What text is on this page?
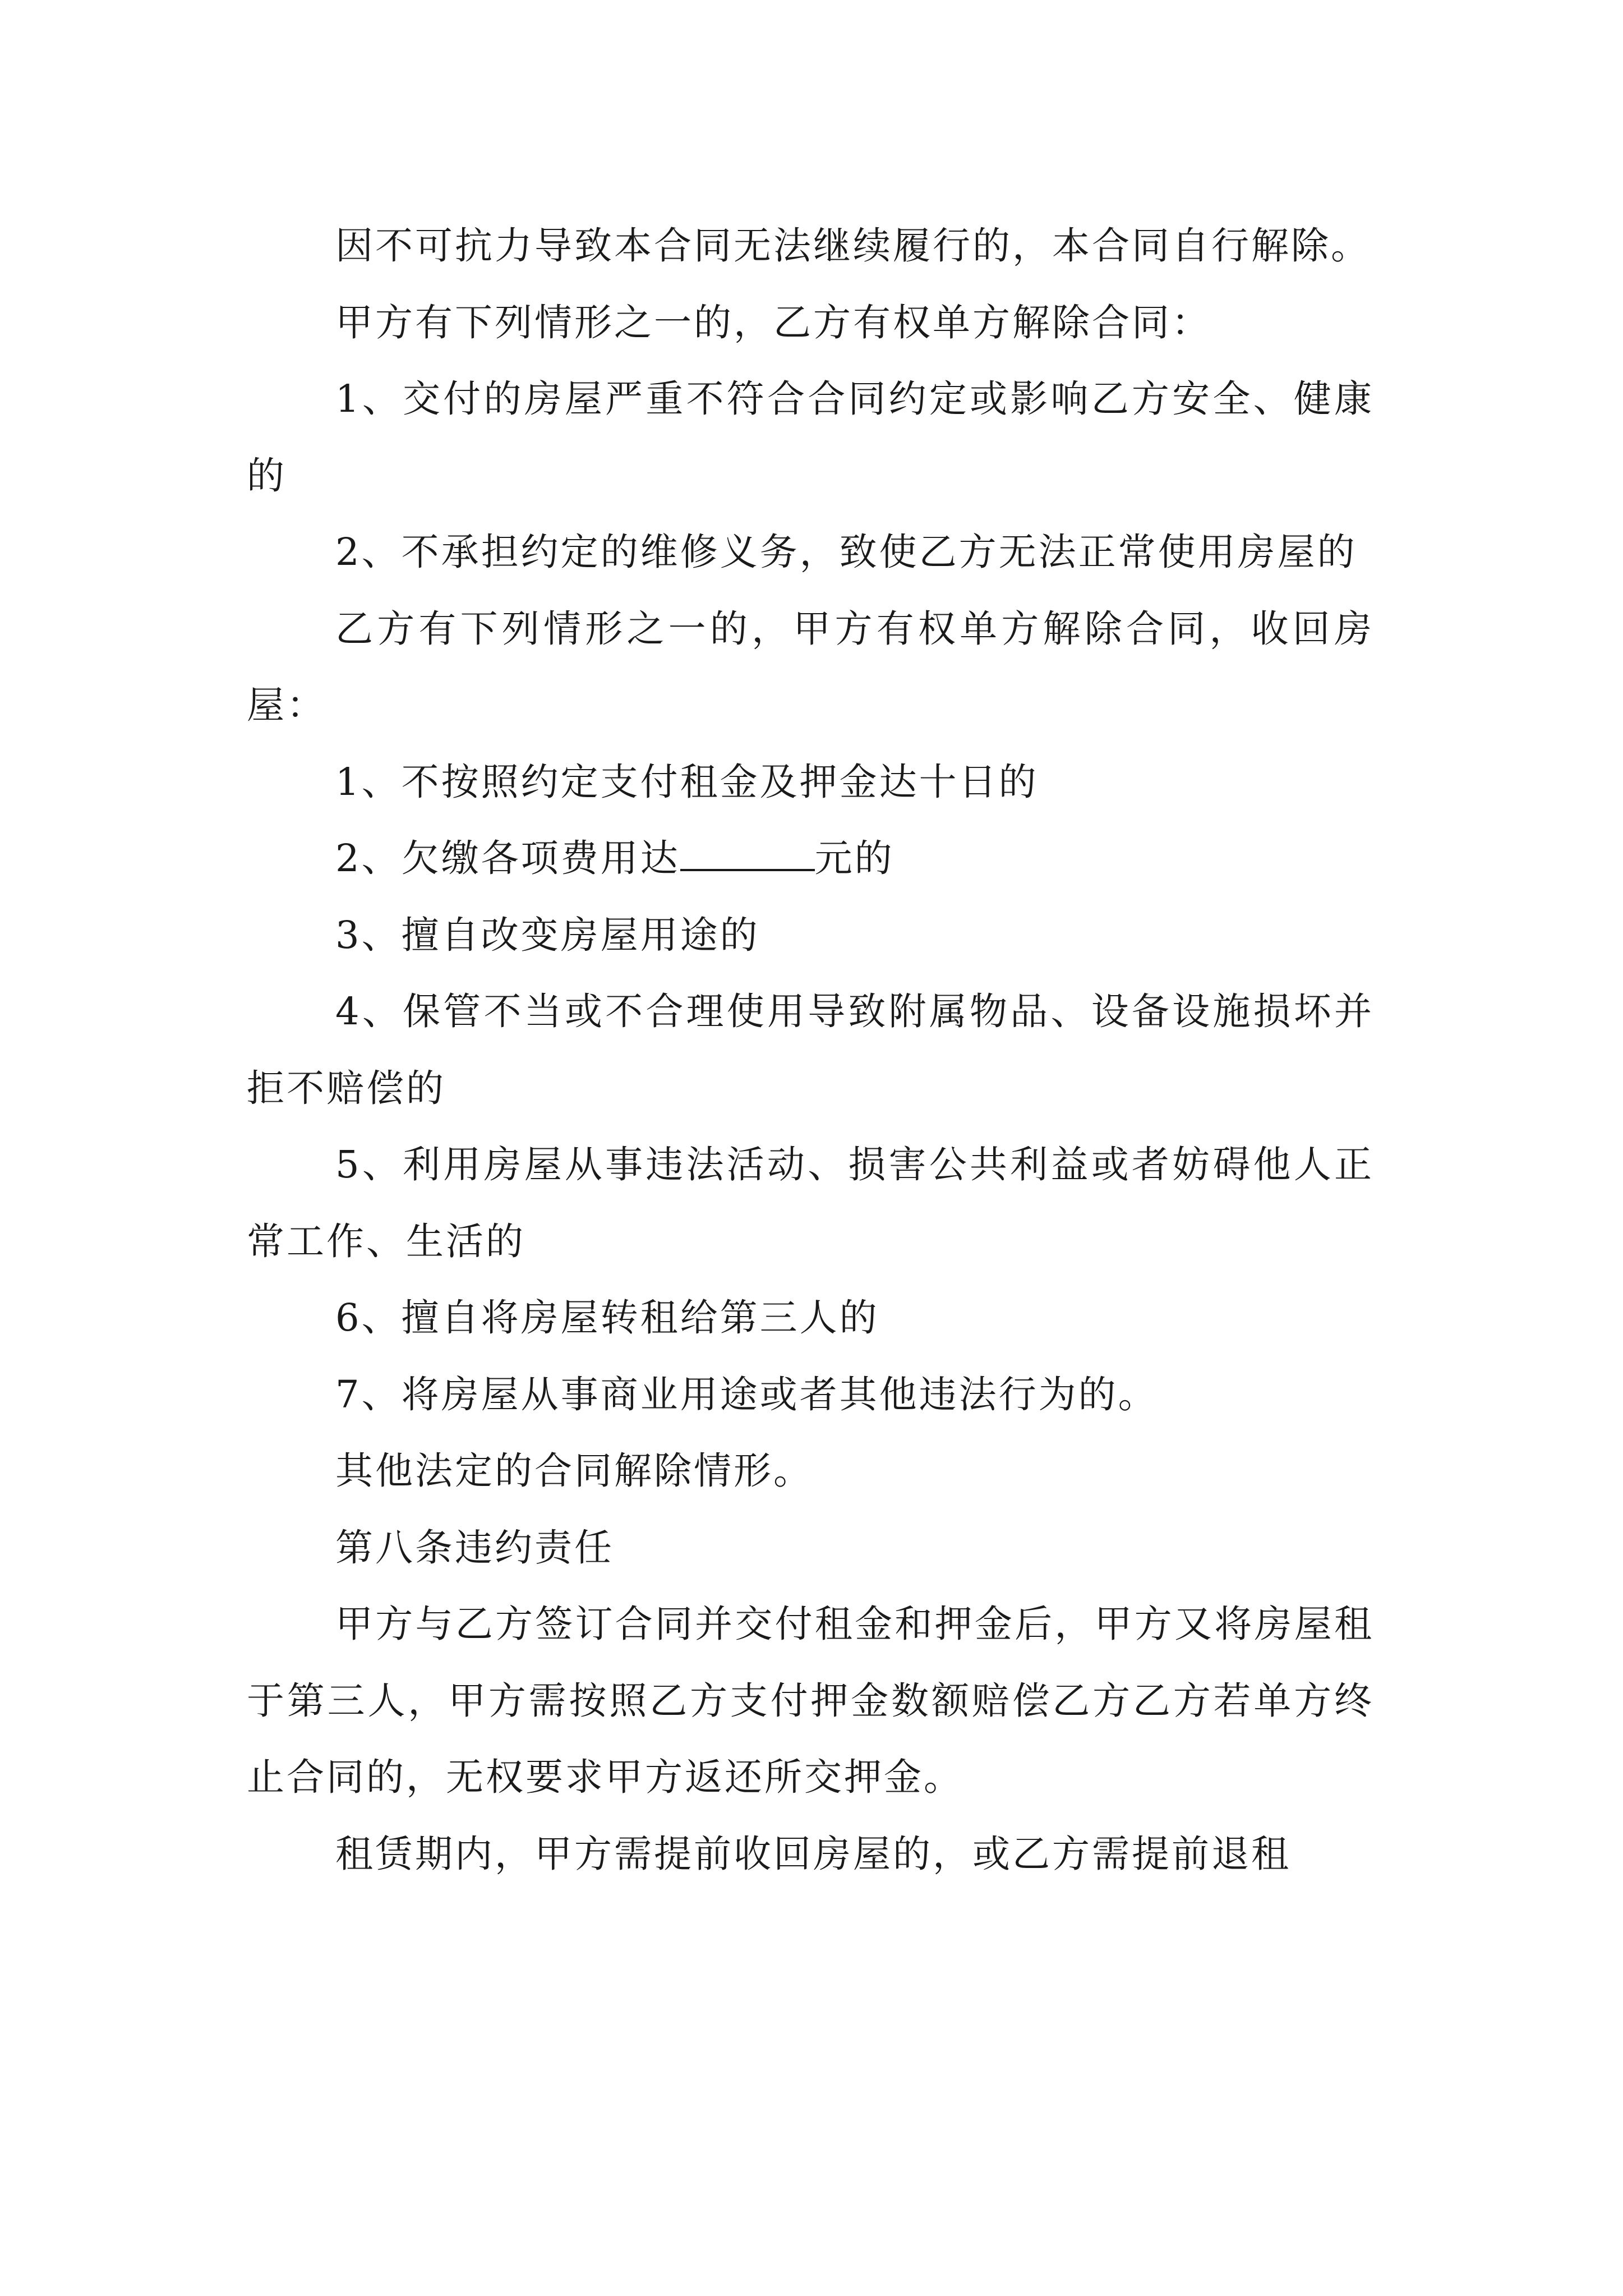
因不可抗力导致本合同无法继续履行的，本合同自行解除。

甲方有下列情形之一的，乙方有权单方解除合同：

1、交付的房屋严重不符合合同约定或影响乙方安全、健康的

2、不承担约定的维修义务，致使乙方无法正常使用房屋的

乙方有下列情形之一的，甲方有权单方解除合同，收回房屋：

1、不按照约定支付租金及押金达十日的

2、欠缴各项费用达	元的

3、擅自改变房屋用途的

4、保管不当或不合理使用导致附属物品、设备设施损坏并拒不赔偿的

5、利用房屋从事违法活动、损害公共利益或者妨碍他人正常工作、生活的

6、擅自将房屋转租给第三人的

7、将房屋从事商业用途或者其他违法行为的。

其他法定的合同解除情形。

第八条违约责任

甲方与乙方签订合同并交付租金和押金后，甲方又将房屋租于第三人，甲方需按照乙方支付押金数额赔偿乙方乙方若单方终止合同的，无权要求甲方返还所交押金。

租赁期内，甲方需提前收回房屋的，或乙方需提前退租
